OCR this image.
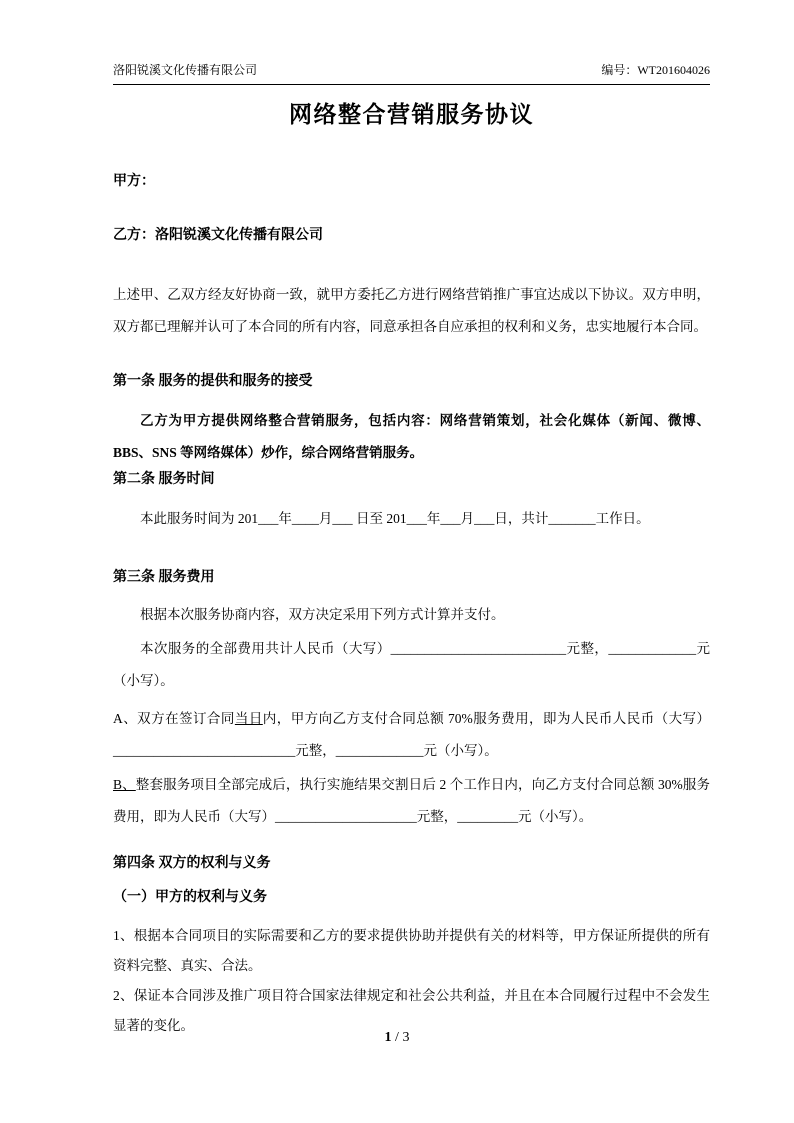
洛阳锐溪文化传播有限公司	编号：WT201604026
网络整合营销服务协议

甲方：

乙方：洛阳锐溪文化传播有限公司

上述甲、乙双方经友好协商一致，就甲方委托乙方进行网络营销推广事宜达成以下协议。双方申明，双方都已理解并认可了本合同的所有内容，同意承担各自应承担的权利和义务，忠实地履行本合同。

第一条 服务的提供和服务的接受

乙方为甲方提供网络整合营销服务，包括内容：网络营销策划，社会化媒体（新闻、微博、BBS、SNS 等网络媒体）炒作，综合网络营销服务。

第二条 服务时间

本此服务时间为 201___年____月___ 日至 201___年___月___日，共计_______工作日。

第三条 服务费用

根据本次服务协商内容，双方决定采用下列方式计算并支付。

本次服务的全部费用共计人民币（大写）__________________________元整，_____________元（小写）。

A、双方在签订合同当日内，甲方向乙方支付合同总额 70%服务费用，即为人民币人民币（大写）___________________________元整，_____________元（小写）。

B、整套服务项目全部完成后，执行实施结果交割日后 2 个工作日内，向乙方支付合同总额 30%服务费用，即为人民币（大写）_____________________元整，_________元（小写）。

第四条 双方的权利与义务
（一）甲方的权利与义务

1、根据本合同项目的实际需要和乙方的要求提供协助并提供有关的材料等，甲方保证所提供的所有资料完整、真实、合法。

2、保证本合同涉及推广项目符合国家法律规定和社会公共利益，并且在本合同履行过程中不会发生显著的变化。

1 / 3
